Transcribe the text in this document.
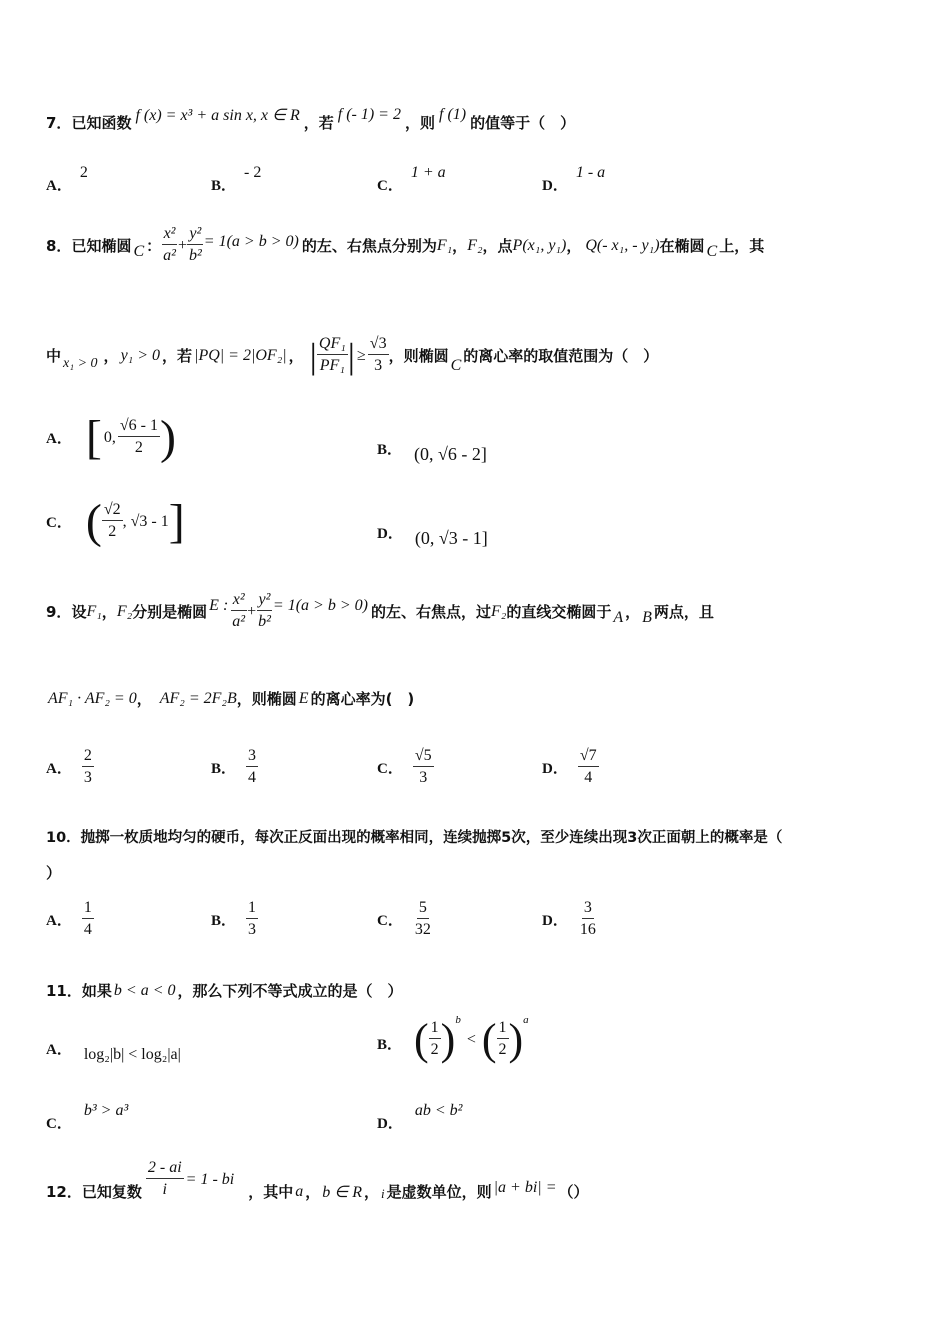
7． 已知函数 f (x) = x³ + a sin x, x ∈ R ，若 f (- 1) = 2 ，则 f (1) 的值等于（　）
A．
2
B．
- 2
C．
1 + a
D．
1 - a
8． 已知椭圆 C ： $\frac{\text{x²}}{\text{a²}} + \frac{\text{y²}}{\text{b²}} = 1(a > b > 0)$ 的左、右焦点分别为 F₁ ， F₂ ，点 P(x₁, y₁) ， Q(- x₁, - y₁) 在椭圆 C 上，其
中 x₁ > 0 ， y₁ > 0 ，若 |PQ| = 2|OF₂| ， | $\frac{\text{QF₁}}{\text{PF₁}}$ | ≥ $\frac{√3}{3}$ ，则椭圆 C 的离心率的取值范围为（　）
A． [ 0, $\frac{√6 - 1}{2}$ )	B． (0, √6 - 2]
C． ( $\frac{√2}{2}$ , √3 - 1 ]	D． (0, √3 - 1]
9． 设 F₁ ， F₂ 分别是椭圆 E : $\frac{\text{x²}}{\text{a²}} + \frac{\text{y²}}{\text{b²}} = 1(a > b > 0)$ 的左、右焦点，过 F₂ 的直线交椭圆于 A ， B 两点，且
AF₁ · AF₂ = 0 ， AF₂ = 2F₂B ，则椭圆 E 的离心率为(　)
A． $\frac{2}{3}$	B． $\frac{3}{4}$	C． $\frac{√5}{3}$	D． $\frac{√7}{4}$
10．抛掷一枚质地均匀的硬币，每次正反面出现的概率相同，连续抛掷5次，至少连续出现3次正面朝上的概率是（
）
A． $\frac{1}{4}$	B． $\frac{1}{3}$	C． $\frac{5}{32}$	D． $\frac{3}{16}$
11． 如果 b < a < 0 ，那么下列不等式成立的是（　）
A． log₂|b| < log₂|a|
B． ( $\frac{1}{2}$ ) b
< ( $\frac{1}{2}$ ) a
C．
b³ > a³
D．
ab < b²
12． 已知复数 $\frac{2 - ai}{i} = 1$ - bi
，其中 a ， b ∈ R ， i 是虚数单位，则 |a + bi| = （）
